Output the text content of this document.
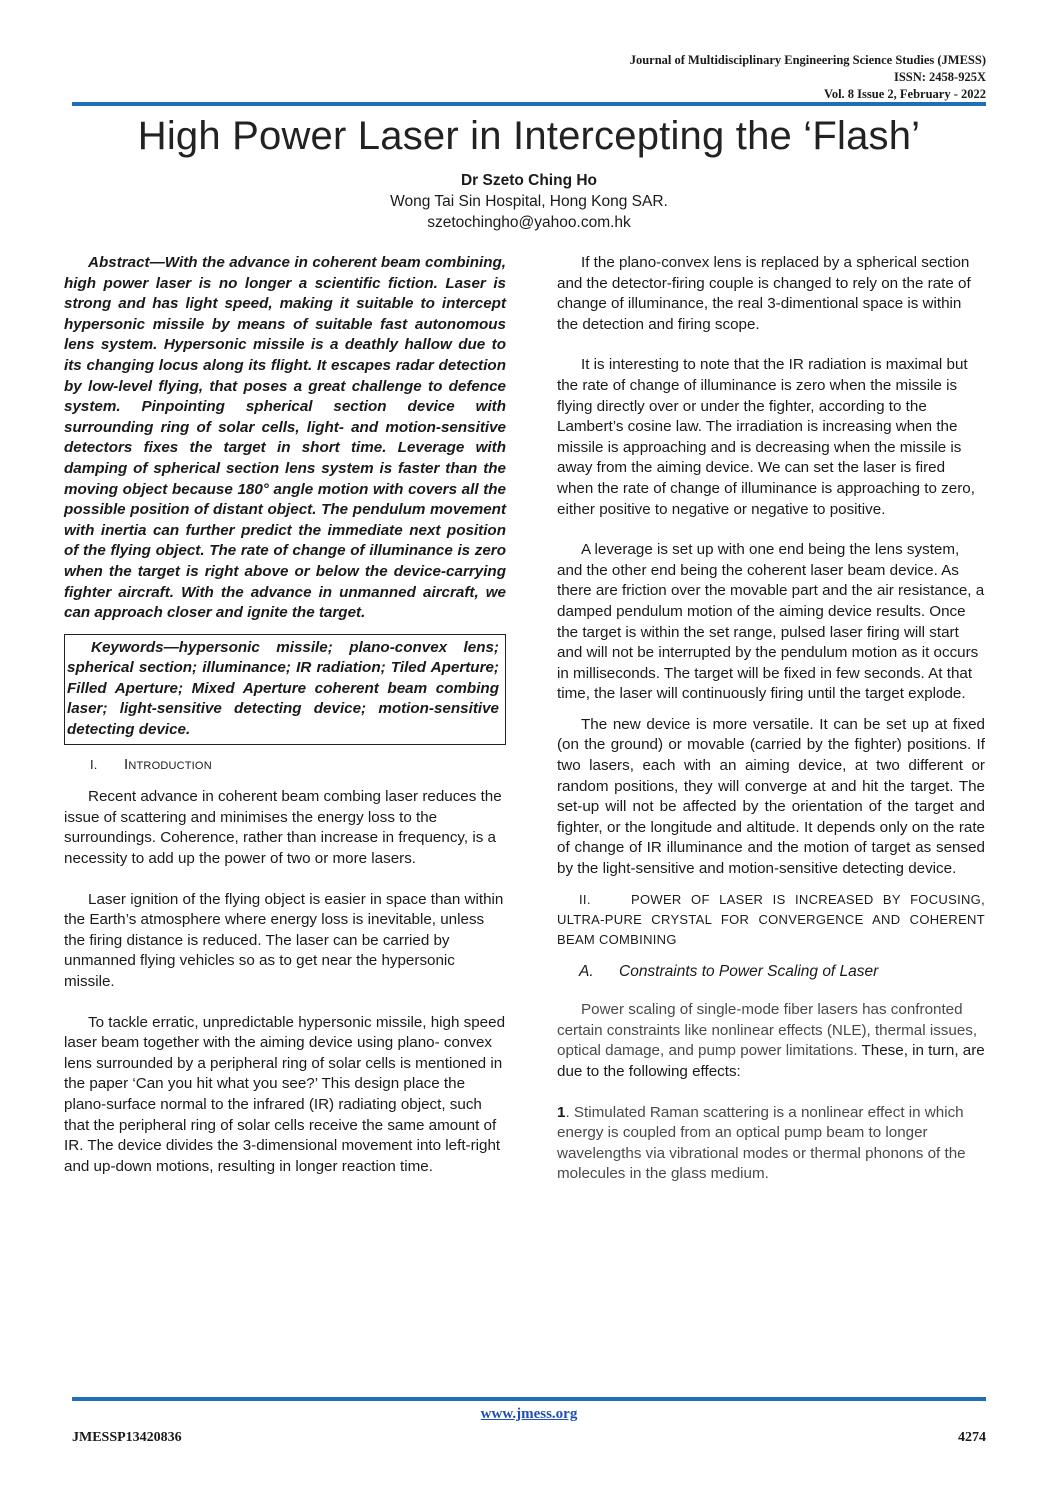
Journal of Multidisciplinary Engineering Science Studies (JMESS)
ISSN: 2458-925X
Vol. 8 Issue 2, February - 2022
High Power Laser in Intercepting the ‘Flash’
Dr Szeto Ching Ho
Wong Tai Sin Hospital, Hong Kong SAR.
szetochingho@yahoo.com.hk

Abstract—With the advance in coherent beam combining, high power laser is no longer a scientific fiction. Laser is strong and has light speed, making it suitable to intercept hypersonic missile by means of suitable fast autonomous lens system. Hypersonic missile is a deathly hallow due to its changing locus along its flight. It escapes radar detection by low-level flying, that poses a great challenge to defence system. Pinpointing spherical section device with surrounding ring of solar cells, light- and motion-sensitive detectors fixes the target in short time. Leverage with damping of spherical section lens system is faster than the moving object because 180° angle motion with covers all the possible position of distant object. The pendulum movement with inertia can further predict the immediate next position of the flying object. The rate of change of illuminance is zero when the target is right above or below the device-carrying fighter aircraft. With the advance in unmanned aircraft, we can approach closer and ignite the target.

Keywords—hypersonic missile; plano-convex lens; spherical section; illuminance; IR radiation; Tiled Aperture; Filled Aperture; Mixed Aperture coherent beam combing laser; light-sensitive detecting device; motion-sensitive detecting device.

I. Introduction

Recent advance in coherent beam combing laser reduces the issue of scattering and minimises the energy loss to the surroundings. Coherence, rather than increase in frequency, is a necessity to add up the power of two or more lasers.

Laser ignition of the flying object is easier in space than within the Earth’s atmosphere where energy loss is inevitable, unless the firing distance is reduced. The laser can be carried by unmanned flying vehicles so as to get near the hypersonic missile.

To tackle erratic, unpredictable hypersonic missile, high speed laser beam together with the aiming device using plano- convex lens surrounded by a peripheral ring of solar cells is mentioned in the paper ‘Can you hit what you see?’ This design place the plano-surface normal to the infrared (IR) radiating object, such that the peripheral ring of solar cells receive the same amount of IR. The device divides the 3-dimensional movement into left-right and up-down motions, resulting in longer reaction time.

If the plano-convex lens is replaced by a spherical section and the detector-firing couple is changed to rely on the rate of change of illuminance, the real 3-dimentional space is within the detection and firing scope.

It is interesting to note that the IR radiation is maximal but the rate of change of illuminance is zero when the missile is flying directly over or under the fighter, according to the Lambert’s cosine law. The irradiation is increasing when the missile is approaching and is decreasing when the missile is away from the aiming device. We can set the laser is fired when the rate of change of illuminance is approaching to zero, either positive to negative or negative to positive.

A leverage is set up with one end being the lens system, and the other end being the coherent laser beam device. As there are friction over the movable part and the air resistance, a damped pendulum motion of the aiming device results. Once the target is within the set range, pulsed laser firing will start and will not be interrupted by the pendulum motion as it occurs in milliseconds. The target will be fixed in few seconds. At that time, the laser will continuously firing until the target explode.

The new device is more versatile. It can be set up at fixed (on the ground) or movable (carried by the fighter) positions. If two lasers, each with an aiming device, at two different or random positions, they will converge at and hit the target. The set-up will not be affected by the orientation of the target and fighter, or the longitude and altitude. It depends only on the rate of change of IR illuminance and the motion of target as sensed by the light-sensitive and motion-sensitive detecting device.

II.	POWER OF LASER IS INCREASED BY FOCUSING, ULTRA-PURE CRYSTAL FOR CONVERGENCE AND COHERENT BEAM COMBINING

A. Constraints to Power Scaling of Laser

Power scaling of single-mode fiber lasers has confronted certain constraints like nonlinear effects (NLE), thermal issues, optical damage, and pump power limitations. These, in turn, are due to the following effects:

1. Stimulated Raman scattering is a nonlinear effect in which energy is coupled from an optical pump beam to longer wavelengths via vibrational modes or thermal phonons of the molecules in the glass medium.

www.jmess.org
JMESSP13420836	4274
